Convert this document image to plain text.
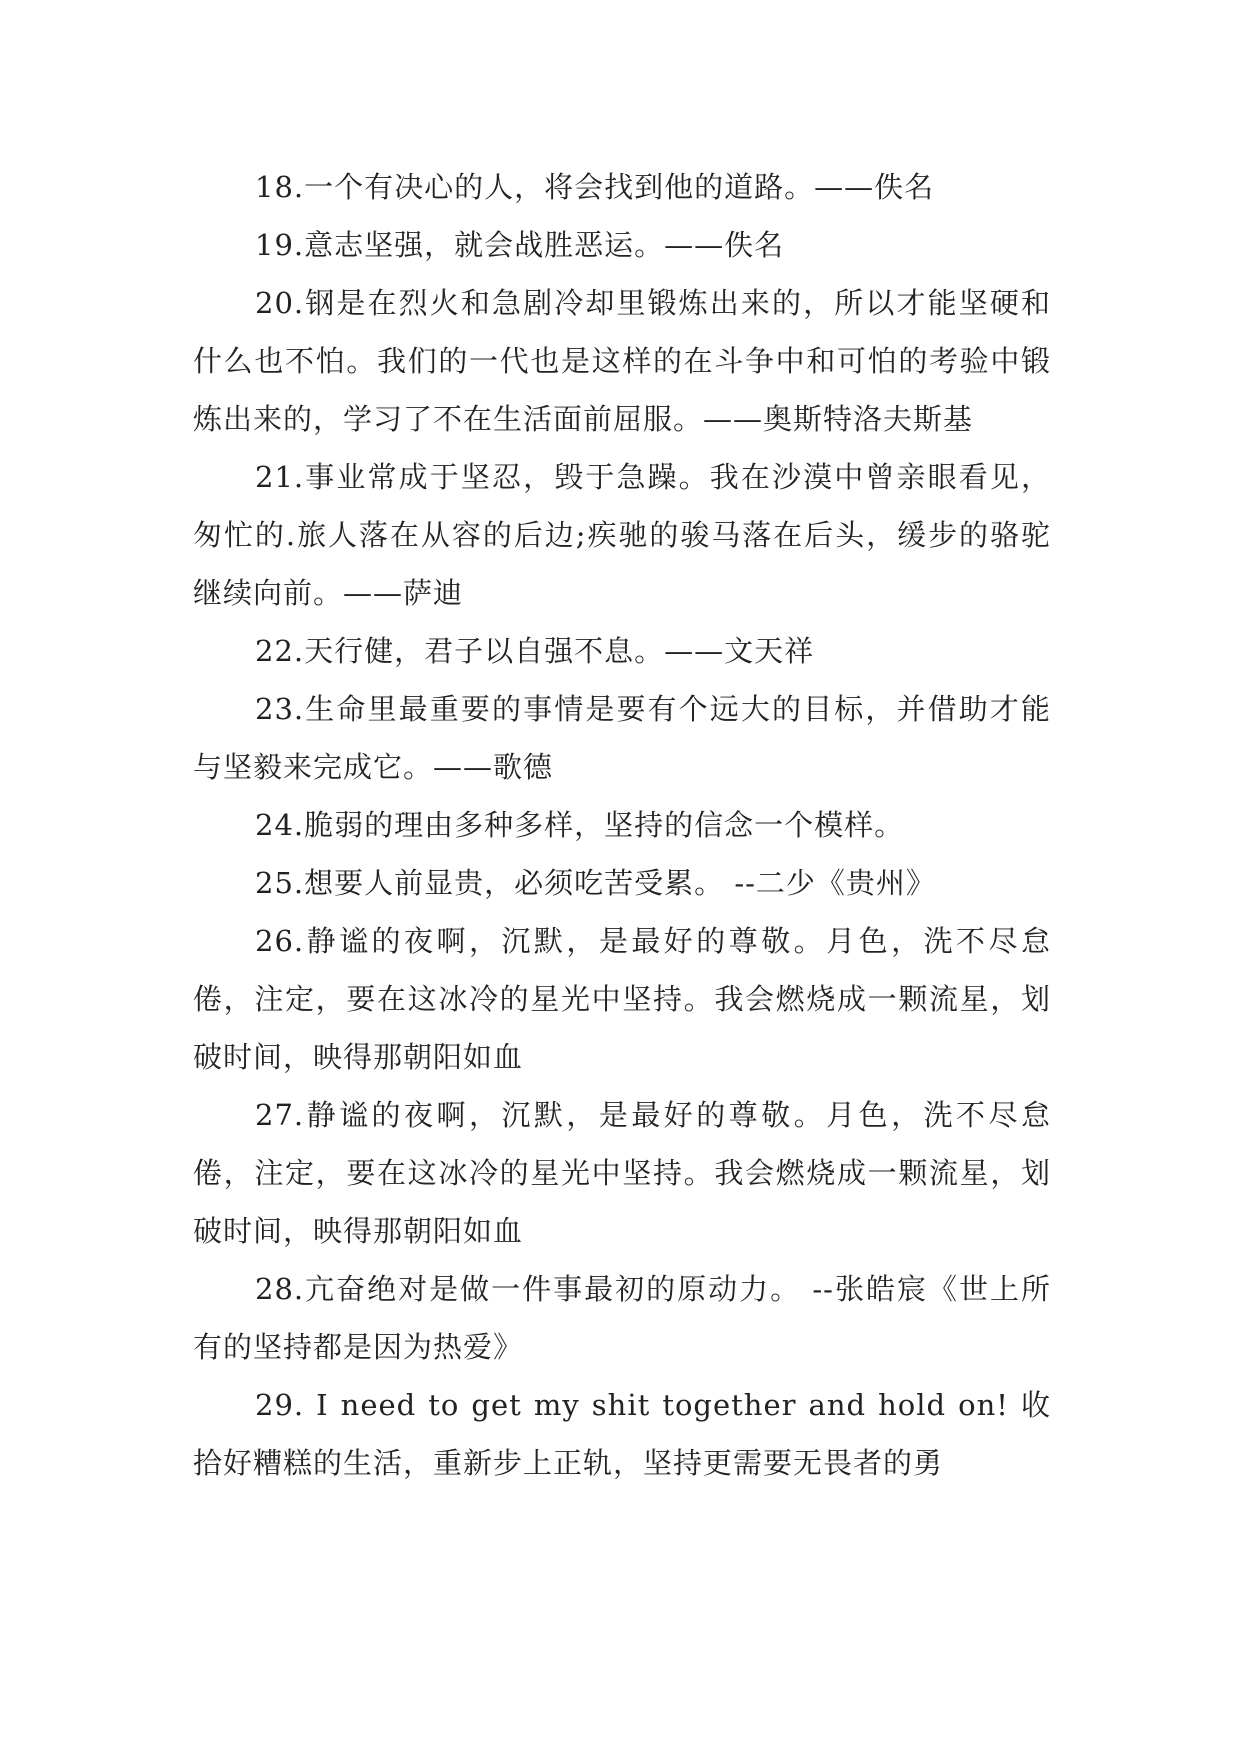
18.一个有决心的人，将会找到他的道路。——佚名

19.意志坚强，就会战胜恶运。——佚名

20.钢是在烈火和急剧冷却里锻炼出来的，所以才能坚硬和什么也不怕。我们的一代也是这样的在斗争中和可怕的考验中锻炼出来的，学习了不在生活面前屈服。——奥斯特洛夫斯基

21.事业常成于坚忍，毁于急躁。我在沙漠中曾亲眼看见，匆忙的.旅人落在从容的后边;疾驰的骏马落在后头，缓步的骆驼继续向前。——萨迪

22.天行健，君子以自强不息。——文天祥

23.生命里最重要的事情是要有个远大的目标，并借助才能与坚毅来完成它。——歌德

24.脆弱的理由多种多样，坚持的信念一个模样。

25.想要人前显贵，必须吃苦受累。 --二少《贵州》

26.静谧的夜啊，沉默，是最好的尊敬。月色，洗不尽怠倦，注定，要在这冰冷的星光中坚持。我会燃烧成一颗流星，划破时间，映得那朝阳如血

27.静谧的夜啊，沉默，是最好的尊敬。月色，洗不尽怠倦，注定，要在这冰冷的星光中坚持。我会燃烧成一颗流星，划破时间，映得那朝阳如血

28.亢奋绝对是做一件事最初的原动力。 --张皓宸《世上所有的坚持都是因为热爱》

29. I need to get my shit together and hold on! 收拾好糟糕的生活，重新步上正轨，坚持更需要无畏者的勇
